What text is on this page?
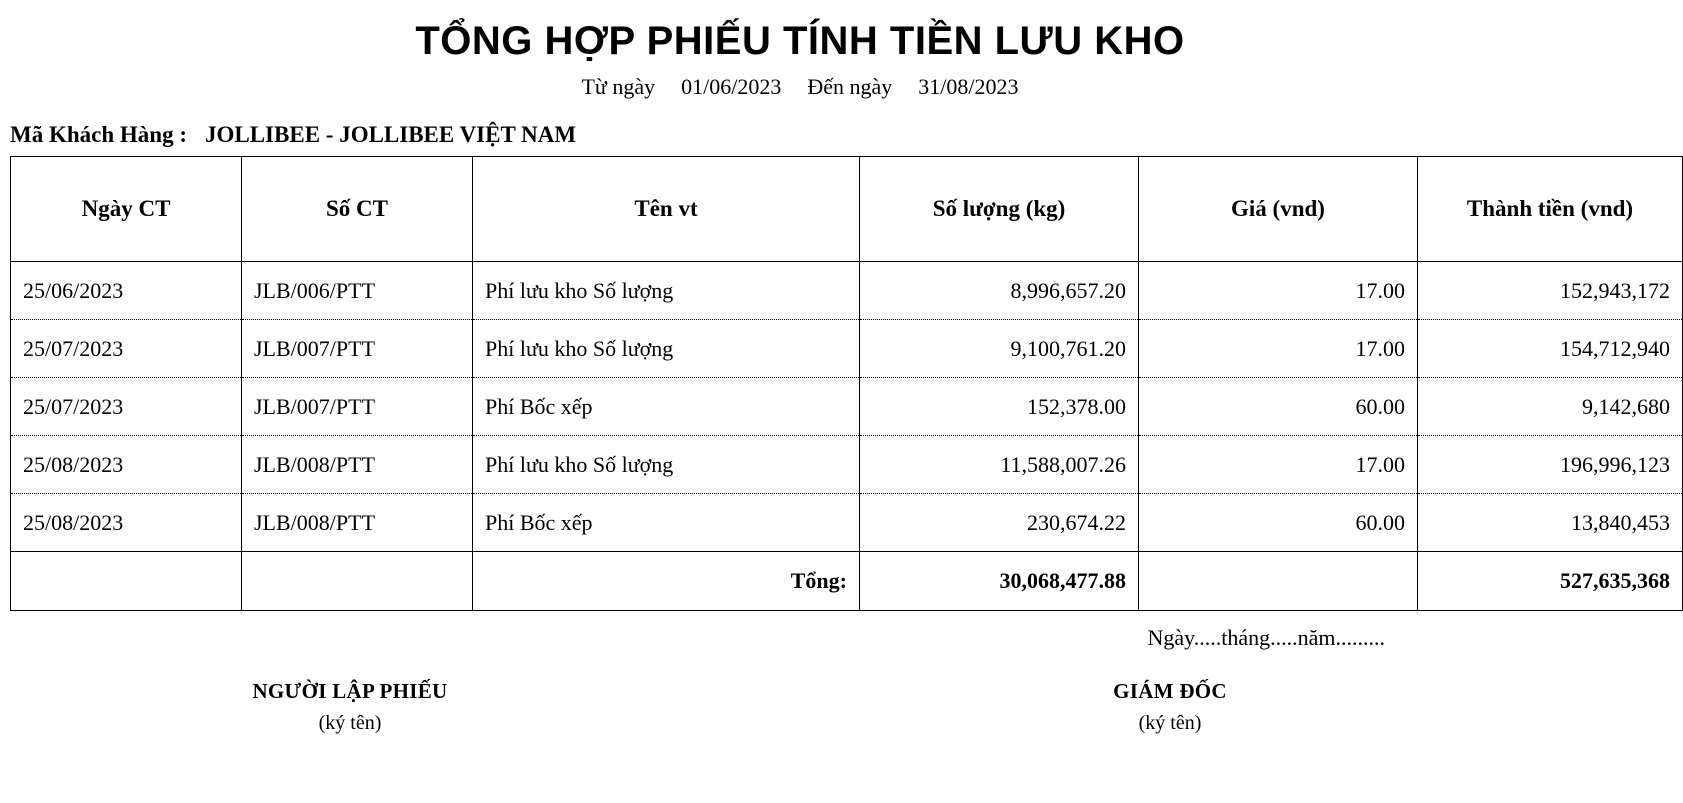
TỔNG HỢP PHIẾU TÍNH TIỀN LƯU KHO
Từ ngày 01/06/2023 Đến ngày 31/08/2023
Mã Khách Hàng : JOLLIBEE - JOLLIBEE VIỆT NAM
Ngày CT	Số CT	Tên vt	Số lượng (kg)	Giá (vnd)	Thành tiền (vnd)
25/06/2023	JLB/006/PTT	Phí lưu kho Số lượng	8,996,657.20	17.00	152,943,172
25/07/2023	JLB/007/PTT	Phí lưu kho Số lượng	9,100,761.20	17.00	154,712,940
25/07/2023	JLB/007/PTT	Phí Bốc xếp	152,378.00	60.00	9,142,680
25/08/2023	JLB/008/PTT	Phí lưu kho Số lượng	11,588,007.26	17.00	196,996,123
25/08/2023	JLB/008/PTT	Phí Bốc xếp	230,674.22	60.00	13,840,453
		Tổng:	30,068,477.88		527,635,368
Ngày.....tháng.....năm.........
NGƯỜI LẬP PHIẾU
(ký tên)
GIÁM ĐỐC
(ký tên)
